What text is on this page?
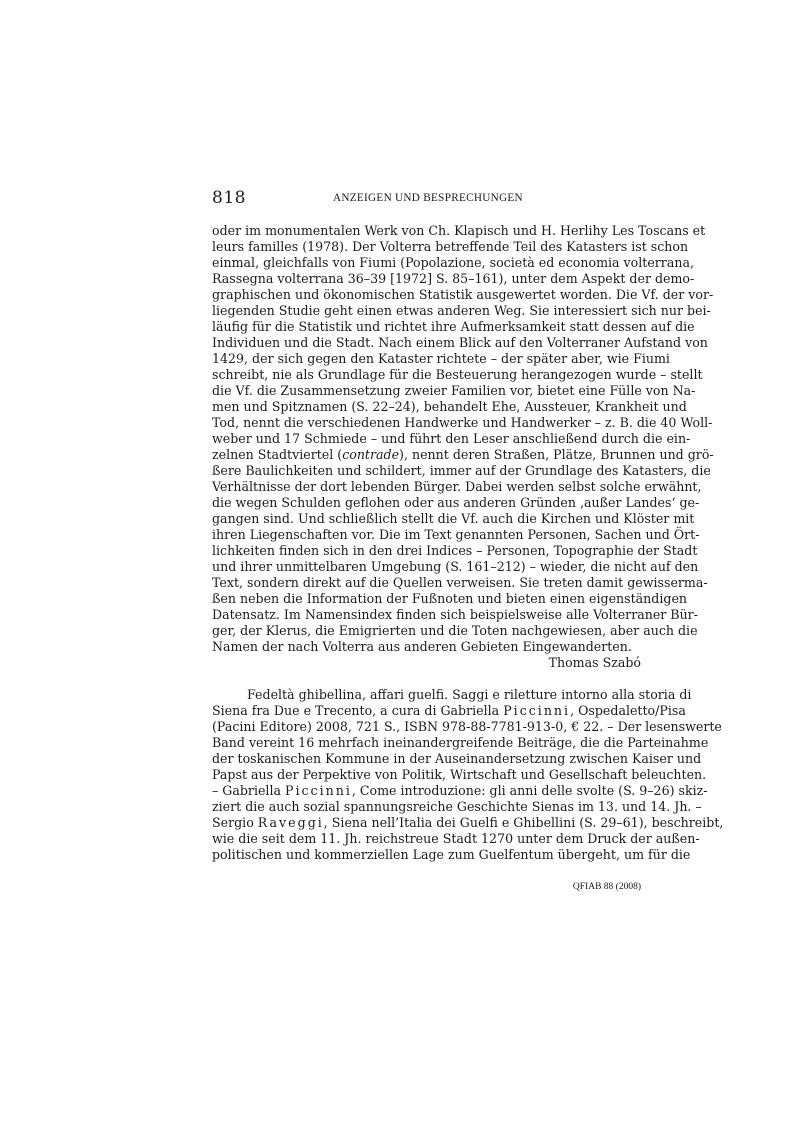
818	ANZEIGEN UND BESPRECHUNGEN
oder im monumentalen Werk von Ch. Klapisch und H. Herlihy Les Toscans et
leurs familles (1978). Der Volterra betreffende Teil des Katasters ist schon
einmal, gleichfalls von Fiumi (Popolazione, società ed economia volterrana,
Rassegna volterrana 36–39 [1972] S. 85–161), unter dem Aspekt der demo-
graphischen und ökonomischen Statistik ausgewertet worden. Die Vf. der vor-
liegenden Studie geht einen etwas anderen Weg. Sie interessiert sich nur bei-
läufig für die Statistik und richtet ihre Aufmerksamkeit statt dessen auf die
Individuen und die Stadt. Nach einem Blick auf den Volterraner Aufstand von
1429, der sich gegen den Kataster richtete – der später aber, wie Fiumi
schreibt, nie als Grundlage für die Besteuerung herangezogen wurde – stellt
die Vf. die Zusammensetzung zweier Familien vor, bietet eine Fülle von Na-
men und Spitznamen (S. 22–24), behandelt Ehe, Aussteuer, Krankheit und
Tod, nennt die verschiedenen Handwerke und Handwerker – z. B. die 40 Woll-
weber und 17 Schmiede – und führt den Leser anschließend durch die ein-
zelnen Stadtviertel (contrade), nennt deren Straßen, Plätze, Brunnen und grö-
ßere Baulichkeiten und schildert, immer auf der Grundlage des Katasters, die
Verhältnisse der dort lebenden Bürger. Dabei werden selbst solche erwähnt,
die wegen Schulden geflohen oder aus anderen Gründen ‚außer Landes‘ ge-
gangen sind. Und schließlich stellt die Vf. auch die Kirchen und Klöster mit
ihren Liegenschaften vor. Die im Text genannten Personen, Sachen und Ört-
lichkeiten finden sich in den drei Indices – Personen, Topographie der Stadt
und ihrer unmittelbaren Umgebung (S. 161–212) – wieder, die nicht auf den
Text, sondern direkt auf die Quellen verweisen. Sie treten damit gewisserma-
ßen neben die Information der Fußnoten und bieten einen eigenständigen
Datensatz. Im Namensindex finden sich beispielsweise alle Volterraner Bür-
ger, der Klerus, die Emigrierten und die Toten nachgewiesen, aber auch die
Namen der nach Volterra aus anderen Gebieten Eingewanderten.
Thomas Szabó
Fedeltà ghibellina, affari guelfi. Saggi e riletture intorno alla storia di
Siena fra Due e Trecento, a cura di Gabriella Piccinni, Ospedaletto/Pisa
(Pacini Editore) 2008, 721 S., ISBN 978-88-7781-913-0, € 22. – Der lesenswerte
Band vereint 16 mehrfach ineinandergreifende Beiträge, die die Parteinahme
der toskanischen Kommune in der Auseinandersetzung zwischen Kaiser und
Papst aus der Perpektive von Politik, Wirtschaft und Gesellschaft beleuchten.
– Gabriella Piccinni, Come introduzione: gli anni delle svolte (S. 9–26) skiz-
ziert die auch sozial spannungsreiche Geschichte Sienas im 13. und 14. Jh. –
Sergio Raveggi, Siena nell’Italia dei Guelfi e Ghibellini (S. 29–61), beschreibt,
wie die seit dem 11. Jh. reichstreue Stadt 1270 unter dem Druck der außen-
politischen und kommerziellen Lage zum Guelfentum übergeht, um für die
QFIAB 88 (2008)
